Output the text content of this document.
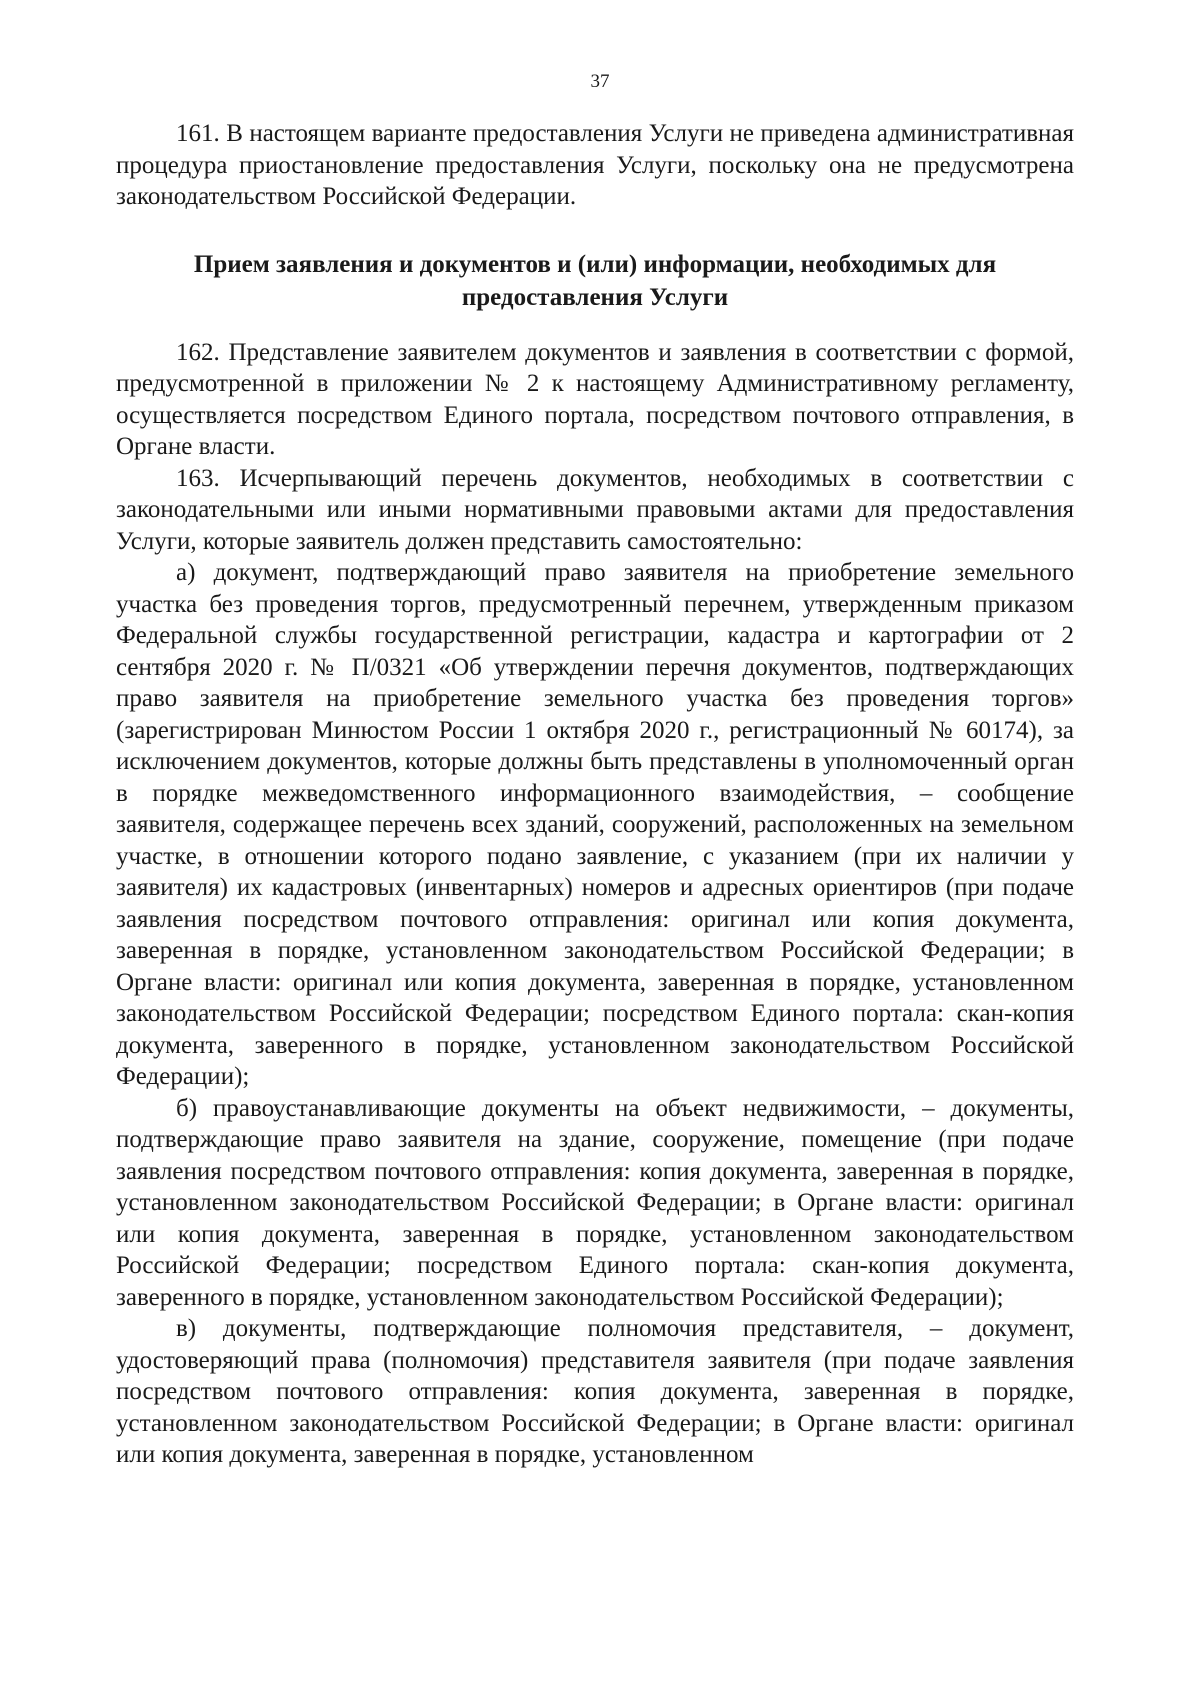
37

161. В настоящем варианте предоставления Услуги не приведена административная процедура приостановление предоставления Услуги, поскольку она не предусмотрена законодательством Российской Федерации.

Прием заявления и документов и (или) информации, необходимых для предоставления Услуги

162. Представление заявителем документов и заявления в соответствии с формой, предусмотренной в приложении № 2 к настоящему Административному регламенту, осуществляется посредством Единого портала, посредством почтового отправления, в Органе власти.

163. Исчерпывающий перечень документов, необходимых в соответствии с законодательными или иными нормативными правовыми актами для предоставления Услуги, которые заявитель должен представить самостоятельно:

а) документ, подтверждающий право заявителя на приобретение земельного участка без проведения торгов, предусмотренный перечнем, утвержденным приказом Федеральной службы государственной регистрации, кадастра и картографии от 2 сентября 2020 г. № П/0321 «Об утверждении перечня документов, подтверждающих право заявителя на приобретение земельного участка без проведения торгов» (зарегистрирован Минюстом России 1 октября 2020 г., регистрационный № 60174), за исключением документов, которые должны быть представлены в уполномоченный орган в порядке межведомственного информационного взаимодействия, – сообщение заявителя, содержащее перечень всех зданий, сооружений, расположенных на земельном участке, в отношении которого подано заявление, с указанием (при их наличии у заявителя) их кадастровых (инвентарных) номеров и адресных ориентиров (при подаче заявления посредством почтового отправления: оригинал или копия документа, заверенная в порядке, установленном законодательством Российской Федерации; в Органе власти: оригинал или копия документа, заверенная в порядке, установленном законодательством Российской Федерации; посредством Единого портала: скан-копия документа, заверенного в порядке, установленном законодательством Российской Федерации);

б) правоустанавливающие документы на объект недвижимости, – документы, подтверждающие право заявителя на здание, сооружение, помещение (при подаче заявления посредством почтового отправления: копия документа, заверенная в порядке, установленном законодательством Российской Федерации; в Органе власти: оригинал или копия документа, заверенная в порядке, установленном законодательством Российской Федерации; посредством Единого портала: скан-копия документа, заверенного в порядке, установленном законодательством Российской Федерации);

в) документы, подтверждающие полномочия представителя, – документ, удостоверяющий права (полномочия) представителя заявителя (при подаче заявления посредством почтового отправления: копия документа, заверенная в порядке, установленном законодательством Российской Федерации; в Органе власти: оригинал или копия документа, заверенная в порядке, установленном
